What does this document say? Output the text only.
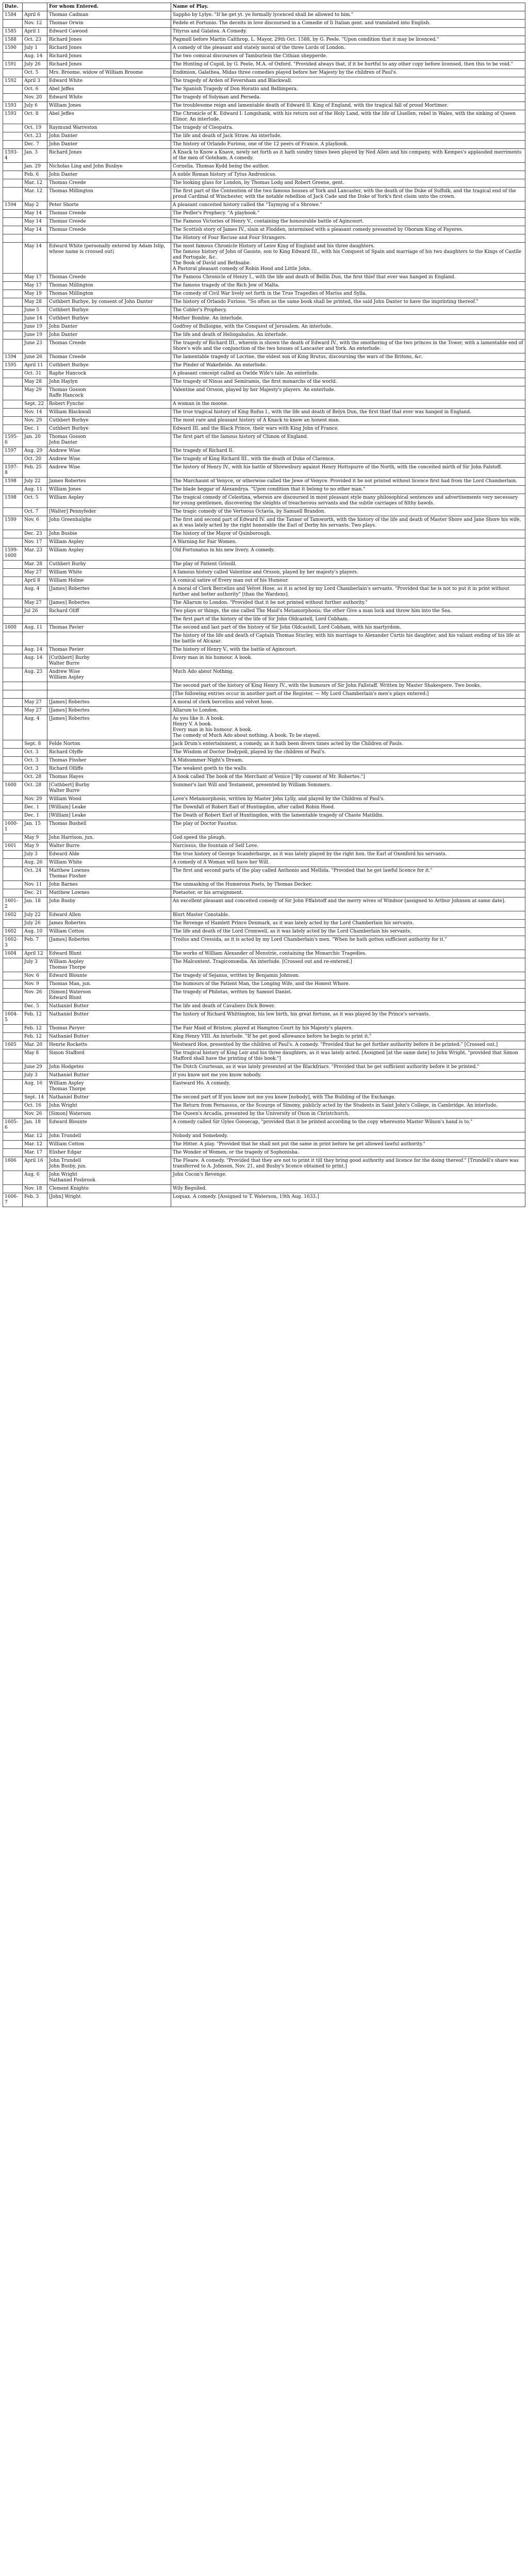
Date.		For whom Entered.	Name of Play.
1584	April 6	Thomas Cadman	Sappho by Lylye. "If he get yt. ye formally lycenced shall be allowed to him."
	Nov. 12	Thomas Orwin	Fedele et Fortunio. The deceits in love discoursed in a Comedie of Ii Italian gent. and translated into English.
1585	April 1	Edward Cawood	Tityrus and Galatea. A Comedy.
1588	Oct. 23	Richard Jones	Pagmoll before Martin Calthrop, L. Mayor, 29th Oct. 1588, by G. Peele. "Upon condition that it may be licenced."
1590	July 1	Richard Jones	A comedy of the pleasant and stately moral of the three Lords of London.
	Aug. 14	Richard Jones	The two comical discourses of Tamburlein the Cithian shepperde.
1591	July 26	Richard Jones	The Hunting of Cupid, by G. Peele, M.A. of Oxford. "Provided always that, if it be hurtful to any other copy before licensed, then this to be void."
	Oct. 5	Mrs. Broome, widow of William Broome	Endimion, Galathea, Midas three comedies played before her Majesty by the children of Paul's.
1592	April 3	Edward White	The tragedy of Arden of Feversham and Blackwall.
	Oct. 6	Abel Jeffes	The Spanish Tragedy of Don Horatio and Bellimpera.
	Nov. 20	Edward White	The tragedy of Solyman and Perseda.
1593	July 6	William Jones	The troublesome reign and lamentable death of Edward II. King of England, with the tragical fall of proud Mortimer.
1593	Oct. 8	Abel Jeffes	The Chronicle of K. Edward I. Longshank, with his return out of the Holy Land, with the life of Lluellen, rebel in Wales, with the sinking of Queen Elinor. An interlude.
	Oct. 19	Raymund Warreston	The tragedy of Cleopatra.
	Oct. 23	John Danter	The life and death of Jack Straw. An interlude.
	Dec. 7	John Danter	The history of Orlando Furioso, one of the 12 peers of France. A playbook.
1593-4	Jan. 3	Richard Jones	A Knack to Know a Knave, newly set forth as it hath sundry times been played by Ned Allen and his company, with Kempes's applauded merriments of the men of Goteham. A comedy.
	Jan. 29	Nicholas Ling and John Busbye	Cornelia. Thomas Kydd being the author.
	Feb. 6	John Danter	A noble Roman history of Tytus Andronicus.
	Mar. 12	Thomas Creede	The looking glass for London, by Thomas Lodg and Robert Greene, gent.
	Mar. 12	Thomas Millington	The first part of the Contention of the two famous houses of York and Lancaster, with the death of the Duke of Suffolk, and the tragical end of the proud Cardinal of Winchester, with the notable rebellion of Jack Cade and the Duke of York's first claim unto the crown.
1594	May 2	Peter Shorte	A pleasant conceited history called the "Taymyng of a Shrowe."
	May 14	Thomas Creede	The Pedler's Prophecy. "A playbook."
	May 14	Thomas Creede	The Famous Victories of Henry V., containing the honourable battle of Agincourt.
	May 14	Thomas Creede	The Scottish story of James IV., slain at Flodden, intermixed with a pleasant comedy presented by Oboram King of Fayeres.
			The History of Four Recuse and Four Strangers.
	May 14	Edward White (personally entered by Adam Islip, whose name is crossed out)	The most famous Chronicle History of Leire King of England and his three daughters.
The famous history of John of Gaunte, son to King Edward III., with his Conquest of Spain and marriage of his two daughters to the Kings of Castile and Portugale, &c.
The Book of David and Bethsabe.
A Pastoral pleasant comedy of Robin Hood and Little John.
	May 17	Thomas Creede	The Famous Chronicle of Henry I., with the life and death of Bellin Dun, the first thief that ever was hanged in England.
	May 17	Thomas Millington	The famous tragedy of the Rich Jew of Malta.
	May 19	Thomas Millington	The comedy of Civil War lively set forth in the True Tragedies of Marius and Sylla.
	May 28	Cuthbert Burbye, by consent of John Danter	The history of Orlando Furioso. "So often as the same book shall be printed, the said John Danter to have the imprinting thereof."
	June 5	Cuthbert Burbye	The Cobler's Prophecy.
	June 14	Cuthbert Burbye	Mother Bombie. An interlude.
	June 19	John Danter	Godfrey of Bulloigne, with the Conquest of Jerusalem. An interlude.
	June 19	John Danter	The life and death of Heliogabalus. An interlude.
	June 23	Thomas Creede	The tragedy of Richard III., wherein is shown the death of Edward IV., with the smothering of the two princes in the Tower, with a lamentable end of Shore's wife and the conjunction of the two houses of Lancaster and York. An enterlude.
1594	June 26	Thomas Creede	The lamentable tragedy of Locrine, the eldest son of King Brutus, discoursing the wars of the Britons, &c.
1595	April 11	Cuthbert Burbye	The Pinder of Wakefielde. An enterlude.
	Oct. 31	Raphe Hancock	A pleasant conceipt called as Owlde Wife's tale. An enterlude.
	May 28	John Haylyn	The tragedy of Ninus and Semiramis, the first monarchs of the world.
	May 29	Thomas Gosson
Raffe Hancock	Valentine and Orsson, played by her Majesty's players. An enterlude.
	Sept. 22	Robert Fynche	A woman in the moone.
	Nov. 14	William Blackwall	The true tragical history of King Rufus I., with the life and death of Belyn Dun, the first thief that ever was hanged in England.
	Nov. 29	Cuthbert Burbye	The most rare and pleasant history of A Knack to know an honest man.
	Dec. 1	Cuthbert Burbye	Edward III. and the Black Prince, their wars with King John of France.
1595-6	Jan. 20	Thomas Gosson
John Danter	The first part of the famous history of Chinon of England.
1597	Aug. 29	Andrew Wise	The tragedy of Richard II.
	Oct. 20	Andrew Wise	The tragedy of King Richard III., with the death of Duke of Clarence.
1597-8	Feb. 25	Andrew Wise	The history of Henry IV., with his battle of Shrewsbury against Henry Hottspurre of the North, with the conceited mirth of Sir John Falstoff.
1598	July 22	James Robertes	The Marchaunt of Venyce, or otherwise called the Jewe of Venyce. Provided it be not printed without licence first had from the Lord Chamberlain.
	Aug. 11	William Jones	The blade beggar of Alexandrya. "Upon condition that it belong to no other man."
1598	Oct. 5	William Aspley	The tragical comedy of Celestina, wherein are discoursed in most pleasant style many philosophical sentences and advertisements very necessary for young gentlemen, discovering the sleights of treacherous servants and the subtle carriages of filthy bawds.
	Oct. 7	[Walter] Pennyfeder	The tragic comedy of the Vertuous Octavia, by Samuell Brandon.
1599	Nov. 6	John Greenhalghe	The first and second part of Edward IV. and the Tanner of Tamworth, with the history of the life and death of Master Shore and Jane Shore his wife, as it was lately acted by the right honorable the Earl of Derby his servants. Two plays.
	Dec. 23	John Busbie	The history of the Mayor of Quinborough.
	Nov. 17	William Aspley	A Warning for Fair Women.
1599-1600	Mar. 23	William Aspley	Old Fortunatus in his new livery. A comedy.
	Mar. 28	Cuthbert Burby	The play of Patient Grissill.
	May 27	William White	A famous history called Valentine and Orsson, played by her majesty's players.
	April 8	William Holme	A comical satire of Every man out of his Humour.
	Aug. 4	[James] Robertes	A moral of Clerk Bercelios and Velvet Hose, as it is acted by my Lord Chamberlain's servants. "Provided that he is not to put it in print without further and better authority" [than the Wardens].
	May 27	[James] Robertes	The Allarum to London. "Provided that it be not printed without further authority."
	Jul 26	Richard Oliff	Two plays or things, the one called The Maid's Metamorphosis; the other Give a man luck and throw him into the Sea.
			The first part of the history of the life of Sir John Oldcastell, Lord Cobham.
1600	Aug. 11	Thomas Pavier	The second and last part of the history of Sir John Oldcastell, Lord Cobham, with his martyrdom.
			The history of the life and death of Captain Thomas Stucley, with his marriage to Alexander Curtis his daughter, and his valiant ending of his life at the battle of Alcazar.
	Aug. 14	Thomas Pavier	The history of Henry V., with the battle of Agincourt.
	Aug. 14	[Cuthbert] Burby
Walter Burre	Every man in his humour. A book.
	Aug. 23	Andrew Wise
William Aspley	Much Ado about Nothing.
			The second part of the history of King Henry IV., with the humours of Sir John Fallstaff. Written by Master Shakespere. Two books.
			[The following entries occur in another part of the Register. — My Lord Chamberlain's men's plays entered:]
	May 27	[James] Robertes	A moral of clerk bercelius and velvet hose.
	May 27	[James] Robertes	Allarum to London.
	Aug. 4	[James] Robertes	As you like it. A book.
Henry V. A book.
Every man in his humour. A book.
The comedy of Much Ado about nothing. A book. To be stayed.
	Sept. 8	Felde Norton	Jack Drum's entertainment, a comedy, as it hath been divers times acted by the Children of Pauls.
	Oct. 3	Richard Olyffe	The Wisdom of Doctor Dodypoll, played by the children of Paul's.
	Oct. 3	Thomas Fissher	A Midsummer Night's Dream.
	Oct. 3	Richard Olliffe	The weakest goeth to the walls.
	Oct. 28	Thomas Hayes	A book called The book of the Merchant of Venice ["By consent of Mr. Robertes."]
1600	Oct. 28	[Cuthbert] Burby
Walter Burre	Summer's last Will and Testament, presented by William Sommers.
	Nov. 29	William Wood	Love's Metamorphosis, written by Master John Lylly, and played by the Children of Paul's.
	Dec. 1	[William] Leake	The Downfall of Robert Earl of Huntingdon, after called Robin Hood.
	Dec. 1	[William] Leake	The Death of Robert Earl of Huntingdon, with the lamentable tragedy of Chaste Matildin.
1600-1	Jan. 15	Thomas Bushell	The play of Doctor Faustus.
	May 9	John Harrison, jun.	God speed the plough.
1601	May 9	Walter Burre	Narcissus, the fountain of Self Love.
	July 3	Edward Alde	The true history of George Scanderbarge, as it was lately played by the right hon. the Earl of Oxenford his servants.
	Aug. 26	William White	A comedy of A Woman will have her Will.
	Oct. 24	Matthew Lownes
Thomas Fissher	The first and second parts of the play called Anthonio and Mellida. "Provided that he get lawful licence for it."
	Nov. 11	John Barnes	The unmasking of the Humorous Poets, by Thomas Decker.
	Dec. 21	Matthew Lownes	Poetaster, or his arraignment.
1601-2	Jan. 18	John Busby	An excellent pleasant and conceited comedy of Sir John Fffalstoff and the merry wives of Windsor [assigned to Arthur Johnson at same date].
1602	July 22	Edward Allen	Blurt Master Constable.
	July 26	James Robertes	The Revenge of Hamlett Prince Denmark, as it was lately acted by the Lord Chamberlain his servants.
1602	Aug. 10	William Cotton	The life and death of the Lord Cromwell, as it was lately acted by the Lord Chamberlain his servants.
1602-3	Feb. 7	[James] Robertes	Troilus and Cressida, as it is acted by my Lord Chamberlain's men. "When he hath gotten sufficient authority for it."
1604	April 12	Edward Blunt	The works of William Alexander of Menstrie, containing the Monarchic Tragedies.
	July 3	William Aspley
Thomas Thorpe	The Malcontent. Tragicomœdia. An interlude. [Crossed out and re-entered.]
	Nov. 6	Edward Blounte	The tragedy of Sejanus, written by Benjamin Johnson.
	Nov. 9	Thomas Man, jun.	The humours of the Patient Man, the Longing Wife, and the Honest Whore.
	Nov. 26	[Simon] Waterson
Edward Blunt	The tragedy of Philotas, written by Samuel Daniel.
	Dec. 5	Nathaniel Butter	The life and death of Cavaliero Dick Bower.
1604-5	Feb. 12	Nathaniel Butter	The history of Richard Whittington, his low birth, his great fortune, as it was played by the Prince's servants.
	Feb. 12	Thomas Pavyer	The Fair Maid of Bristow, played at Hampton Court by his Majesty's players.
	Feb. 12	Nathaniel Butter	King Henry VIII. An interlude. "If he get good allowance before he begin to print it."
1605	Mar. 20	Henrie Rocketts	Westward Hoe, presented by the children of Paul's. A comedy. "Provided that he get further authority before it be printed." [Crossed out.]
	May 8	Simon Stafford	The tragical history of King Leir and his three daughters, as it was lately acted. [Assigned [at the same date] to John Wright, "provided that Simon Stafford shall have the printing of this book."]
	June 29	John Hodgetes	The Dutch Courtesan, as it was lately presented at the Blackfriars. "Provided that he get sufficient authority before it be printed."
	July 3	Nathaniel Butter	If you know not me you know nobody.
	Aug. 16	William Aspley
Thomas Thorpe	Eastward Ho. A comedy.
	Sept. 14	Nathaniel Butter	The second part of If you know not me you know [nobody], with The Building of the Exchange.
	Oct. 16	John Wright	The Return from Pernassus, or the Scourge of Simony, publicly acted by the Students in Saint John's College, in Cambridge. An interlude.
	Nov. 26	[Simon] Waterson	The Queen's Arcadia, presented by the University of Oxon in Christchurch.
1605-6	Jan. 18	Edward Blounte	A comedy called Sir Gyles Goosecap, "provided that it be printed according to the copy whereunto Master Wilson's hand is to."
	Mar. 12	John Trundell	Nobody and Somebody.
	Mar. 12	William Cotton	The Hitter. A play. "Provided that he shall not put the same in print before he get allowed lawful authority."
	Mar. 17	Elisher Edgar	The Wonder of Women, or the tragedy of Sophonisba.
1606	April 16	John Trundell
John Busby, jun.	The Fleare. A comedy. "Provided that they are not to print it till they bring good authority and licence for the doing thereof." [Trundell's share was transferred to A. Johnson, Nov. 21, and Busby's licence obtained to print.]
	Aug. 6	John Wright
Nathaniel Fosbrook	John Cocon's Revenge.
	Nov. 18	Clement Knighte	Wily Beguiled.
1606-7	Feb. 3	[John] Wright	Loquax. A comedy. [Assigned to T. Waterson, 19th Aug. 1633.]
